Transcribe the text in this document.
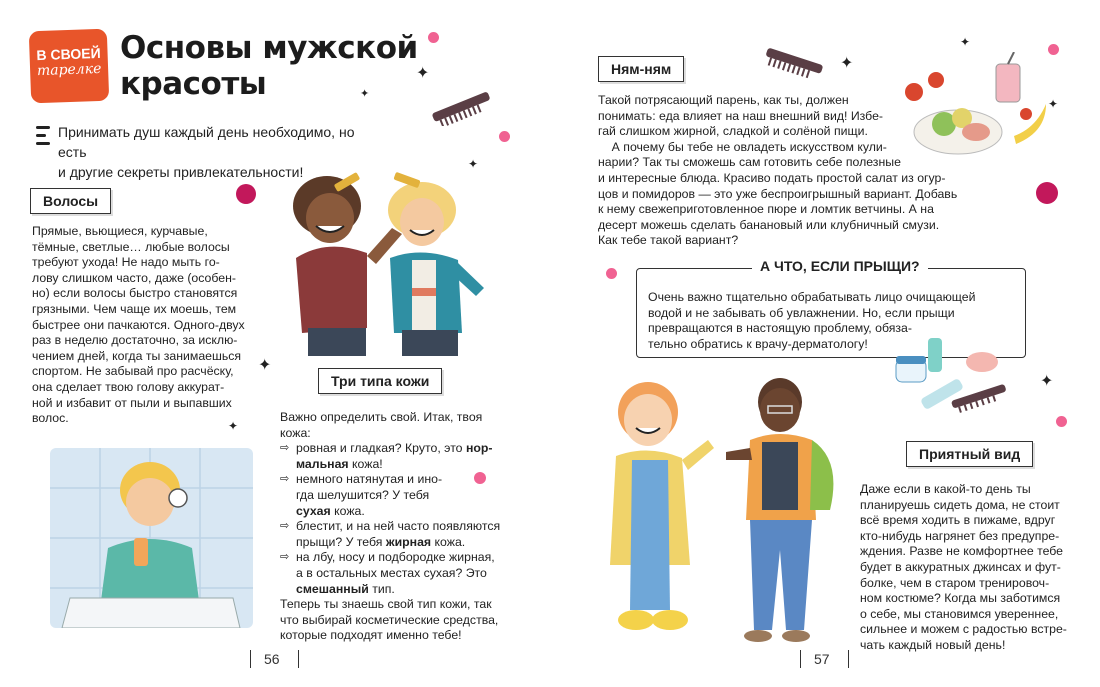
В СВОЕЙ
тарелке
Основы мужской
красоты
Принимать душ каждый день необходимо, но есть
и другие секреты привлекательности!
Волосы
Прямые, вьющиеся, курчавые,
тёмные, светлые… любые волосы
требуют ухода! Не надо мыть го-
лову слишком часто, даже (особен-
но) если волосы быстро становятся
грязными. Чем чаще их моешь, тем
быстрее они пачкаются. Одного-двух
раз в неделю достаточно, за исклю-
чением дней, когда ты занимаешься
спортом. Не забывай про расчёску,
она сделает твою голову аккурат-
ной и избавит от пыли и выпавших
волос.
Три типа кожи
Важно определить свой. Итак, твоя
кожа:
⇨ ровная и гладкая? Круто, это нор-
мальная кожа!
⇨ немного натянутая и ино-
гда шелушится? У тебя
сухая кожа.
⇨ блестит, и на ней часто появляются
прыщи? У тебя жирная кожа.
⇨ на лбу, носу и подбородке жирная,
а в остальных местах сухая? Это
смешанный тип.
Теперь ты знаешь свой тип кожи, так
что выбирай косметические средства,
которые подходят именно тебе!
56
Ням-ням
Такой потрясающий парень, как ты, должен
понимать: еда влияет на наш внешний вид! Избе-
гай слишком жирной, сладкой и солёной пищи.
А почему бы тебе не овладеть искусством кули-
нарии? Так ты сможешь сам готовить себе полезные
и интересные блюда. Красиво подать простой салат из огур-
цов и помидоров — это уже беспроигрышный вариант. Добавь
к нему свежеприготовленное пюре и ломтик ветчины. А на
десерт можешь сделать банановый или клубничный смузи.
Как тебе такой вариант?
А ЧТО, ЕСЛИ ПРЫЩИ?
Очень важно тщательно обрабатывать лицо очищающей
водой и не забывать об увлажнении. Но, если прыщи
превращаются в настоящую проблему, обяза-
тельно обратись к врачу-дерматологу!
Приятный вид
Даже если в какой-то день ты
планируешь сидеть дома, не стоит
всё время ходить в пижаме, вдруг
кто-нибудь нагрянет без предупре-
ждения. Разве не комфортнее тебе
будет в аккуратных джинсах и фут-
болке, чем в старом тренировоч-
ном костюме? Когда мы заботимся
о себе, мы становимся увереннее,
сильнее и можем с радостью встре-
чать каждый новый день!
57
✦
✦
✦
✦
✦
✦
✦
✦
✦
